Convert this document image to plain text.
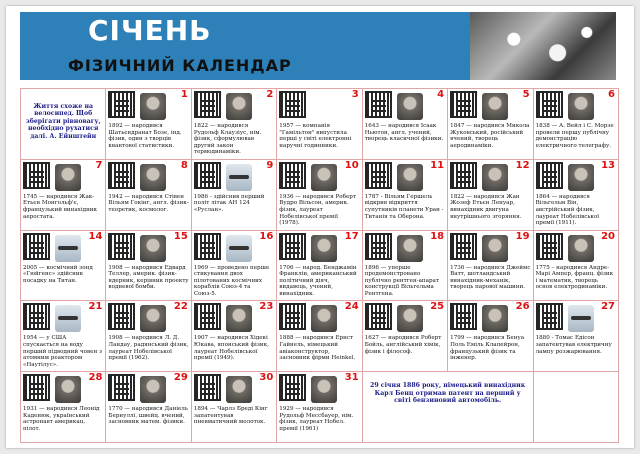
СІЧЕНЬ
ФІЗИЧНИЙ КАЛЕНДАР
Життя схоже на велосипед. Щоб зберігати рівновагу, необхідно рухатися далі. А. Ейнштейн
1
1892 — народився Шатьєндранат Бозе, інд. фізик, один з творців квантової статистики.
2
1822 — народився Рудольф Клаузіус, нім. фізик, сформулював другий закон термодинаміки.
3
1957 — компанія "Гамільтон" випустила перші у світі електронні наручні годинники.
4
1643 — народився Ісаак Ньютон, англ. учений, творець класичної фізики.
5
1847 — народився Микола Жуковський, російський вчений, творець аеродинаміки.
6
1838 — А. Вейл і С. Морзе провели першу публічну демонстрацію електричного телеграфу.
7
1745 — народився Жак-Етьєн Монгольф'є, французький винахідник аеростата.
8
1942 — народився Стівен Вільям Гокінг, англ. фізик-теоретик, космолог.
9
1986 - здійснив перший політ літак АН 124 «Руслан».
10
1936 — народився Роберт Вудро Вільсон, америк. фізик, лауреат Нобелівської премії (1978).
11
1787 - Вільям Гершель відкрив відкриття супутників планети Уран - Титанія та Оберона.
12
1822 — народився Жан Жозеф Етьєн Ленуар, винахідник двигуна внутрішнього згоряння.
13
1864 — народився Вільгельм Він, австрійський фізик, лауреат Нобелівської премії (1911).
14
2005 — космічний зонд «Гюйгенс» здійснив посадку на Титан.
15
1908 — народився Едвард Теллер, америк. фізик-ядерник, керівник проекту водневої бомби.
16
1969 — проведено перше стикування двох пілотованих космічних кораблів Союз-4 та Союз-5.
17
1706 — народ. Бенджамін Франклін, американський політичний діяч, видавець, учений, винахідник.
18
1896 — уперше продемонстровано публічно рентген-апарат конструкції Вільгельма Рентгена.
19
1736 — народився Джеймс Ватт, шотландський винахідник-механік, творець парової машини.
20
1775 – народився Андре-Марі Ампер, франц. фізик і математик, творець основ електродинаміки.
21
1954 — у США спускається на воду перший підводний човен з атомним реактором «Наутілус».
22
1908 — народився Л. Д. Ландау, радянський фізик, лауреат Нобелівської премії (1962).
23
1907 — народився Хідекі Юкава, японський фізик, лауреат Нобелівської премії (1949).
24
1888 — народився Ернст Гайнель, німецький авіаконструктор, засновник фірми Heinkel.
25
1627 — народився Роберт Бойль, англійський хімік, фізик і філософ.
26
1799 — народився Бенуа Поль Еміль Клапейрон, французький фізик та інженер.
27
1880 - Томас Едісон запатентував електричну лампу розжарювання.
28
1931 — народився Леонід Каденюк, український астронавт америкац. пілот.
29
1770 — народився Даніель Бернуллі, швейц. вчений, засновник матем. фізики.
30
1894 — Чарлз Бреді Кінг запатентував пневматичний молоток.
31
1929 — народився Рудольф Мессбауер, нім. фізик, лауреат Нобел. премії (1961)
29 січня 1886 року, німецький винахідник Карл Бенц отримав патент на перший у світі бензиновий автомобіль.
